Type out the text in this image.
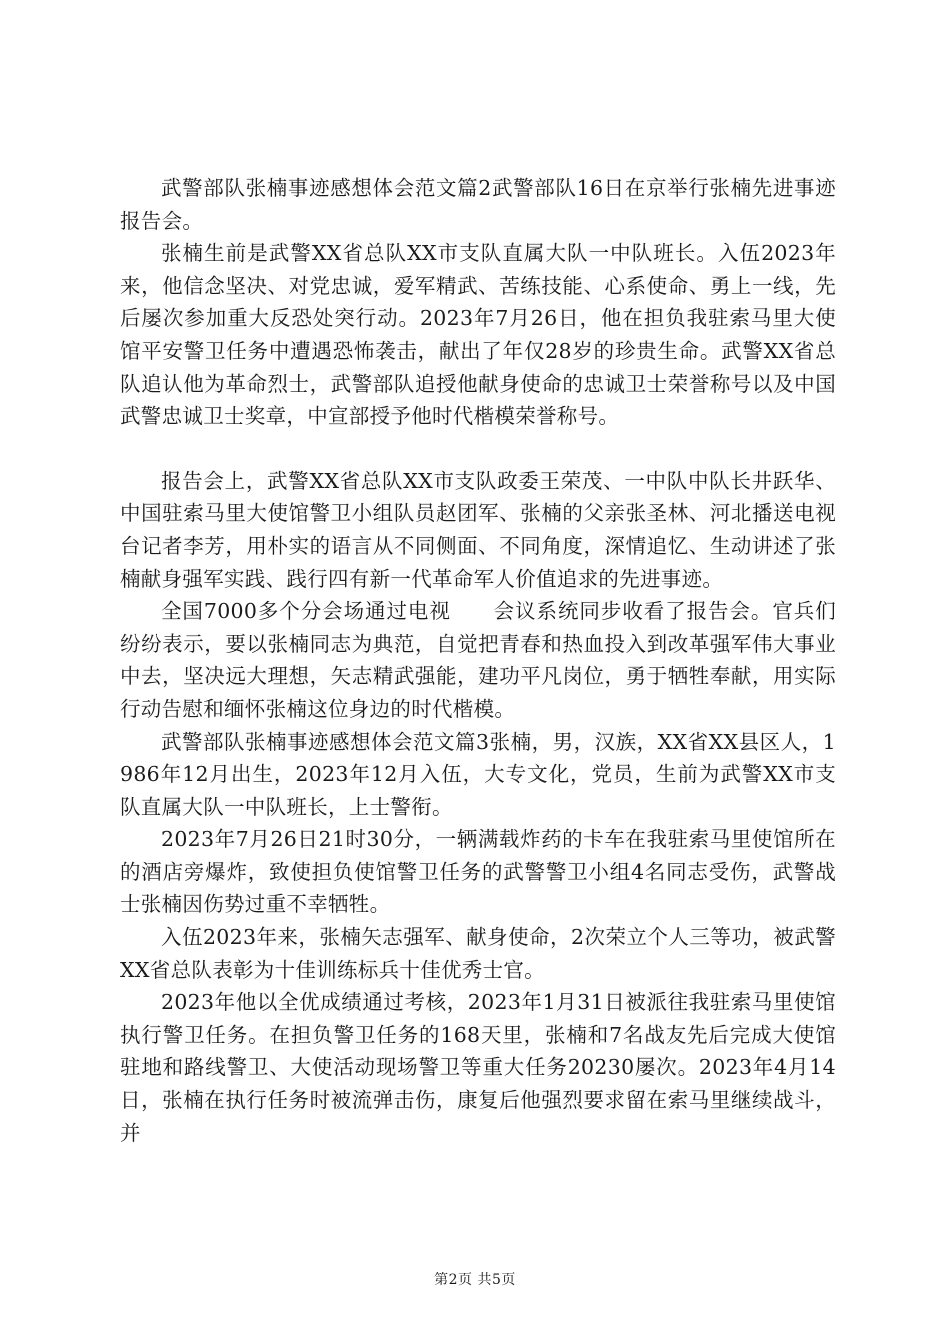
武警部队张楠事迹感想体会范文篇2武警部队16日在京举行张楠先进事迹报告会。

张楠生前是武警XX省总队XX市支队直属大队一中队班长。入伍2023年来，他信念坚决、对党忠诚，爱军精武、苦练技能、心系使命、勇上一线，先后屡次参加重大反恐处突行动。2023年7月26日，他在担负我驻索马里大使馆平安警卫任务中遭遇恐怖袭击，献出了年仅28岁的珍贵生命。武警XX省总队追认他为革命烈士，武警部队追授他献身使命的忠诚卫士荣誉称号以及中国武警忠诚卫士奖章，中宣部授予他时代楷模荣誉称号。

报告会上，武警XX省总队XX市支队政委王荣茂、一中队中队长井跃华、中国驻索马里大使馆警卫小组队员赵团军、张楠的父亲张圣林、河北播送电视台记者李芳，用朴实的语言从不同侧面、不同角度，深情追忆、生动讲述了张楠献身强军实践、践行四有新一代革命军人价值追求的先进事迹。

全国7000多个分会场通过电视　　会议系统同步收看了报告会。官兵们纷纷表示，要以张楠同志为典范，自觉把青春和热血投入到改革强军伟大事业中去，坚决远大理想，矢志精武强能，建功平凡岗位，勇于牺牲奉献，用实际行动告慰和缅怀张楠这位身边的时代楷模。

武警部队张楠事迹感想体会范文篇3张楠，男，汉族，XX省XX县区人，1986年12月出生，2023年12月入伍，大专文化，党员，生前为武警XX市支队直属大队一中队班长，上士警衔。

2023年7月26日21时30分，一辆满载炸药的卡车在我驻索马里使馆所在的酒店旁爆炸，致使担负使馆警卫任务的武警警卫小组4名同志受伤，武警战士张楠因伤势过重不幸牺牲。

入伍2023年来，张楠矢志强军、献身使命，2次荣立个人三等功，被武警XX省总队表彰为十佳训练标兵十佳优秀士官。

2023年他以全优成绩通过考核，2023年1月31日被派往我驻索马里使馆执行警卫任务。在担负警卫任务的168天里，张楠和7名战友先后完成大使馆驻地和路线警卫、大使活动现场警卫等重大任务20230屡次。2023年4月14日，张楠在执行任务时被流弹击伤，康复后他强烈要求留在索马里继续战斗，并

第2页 共5页
